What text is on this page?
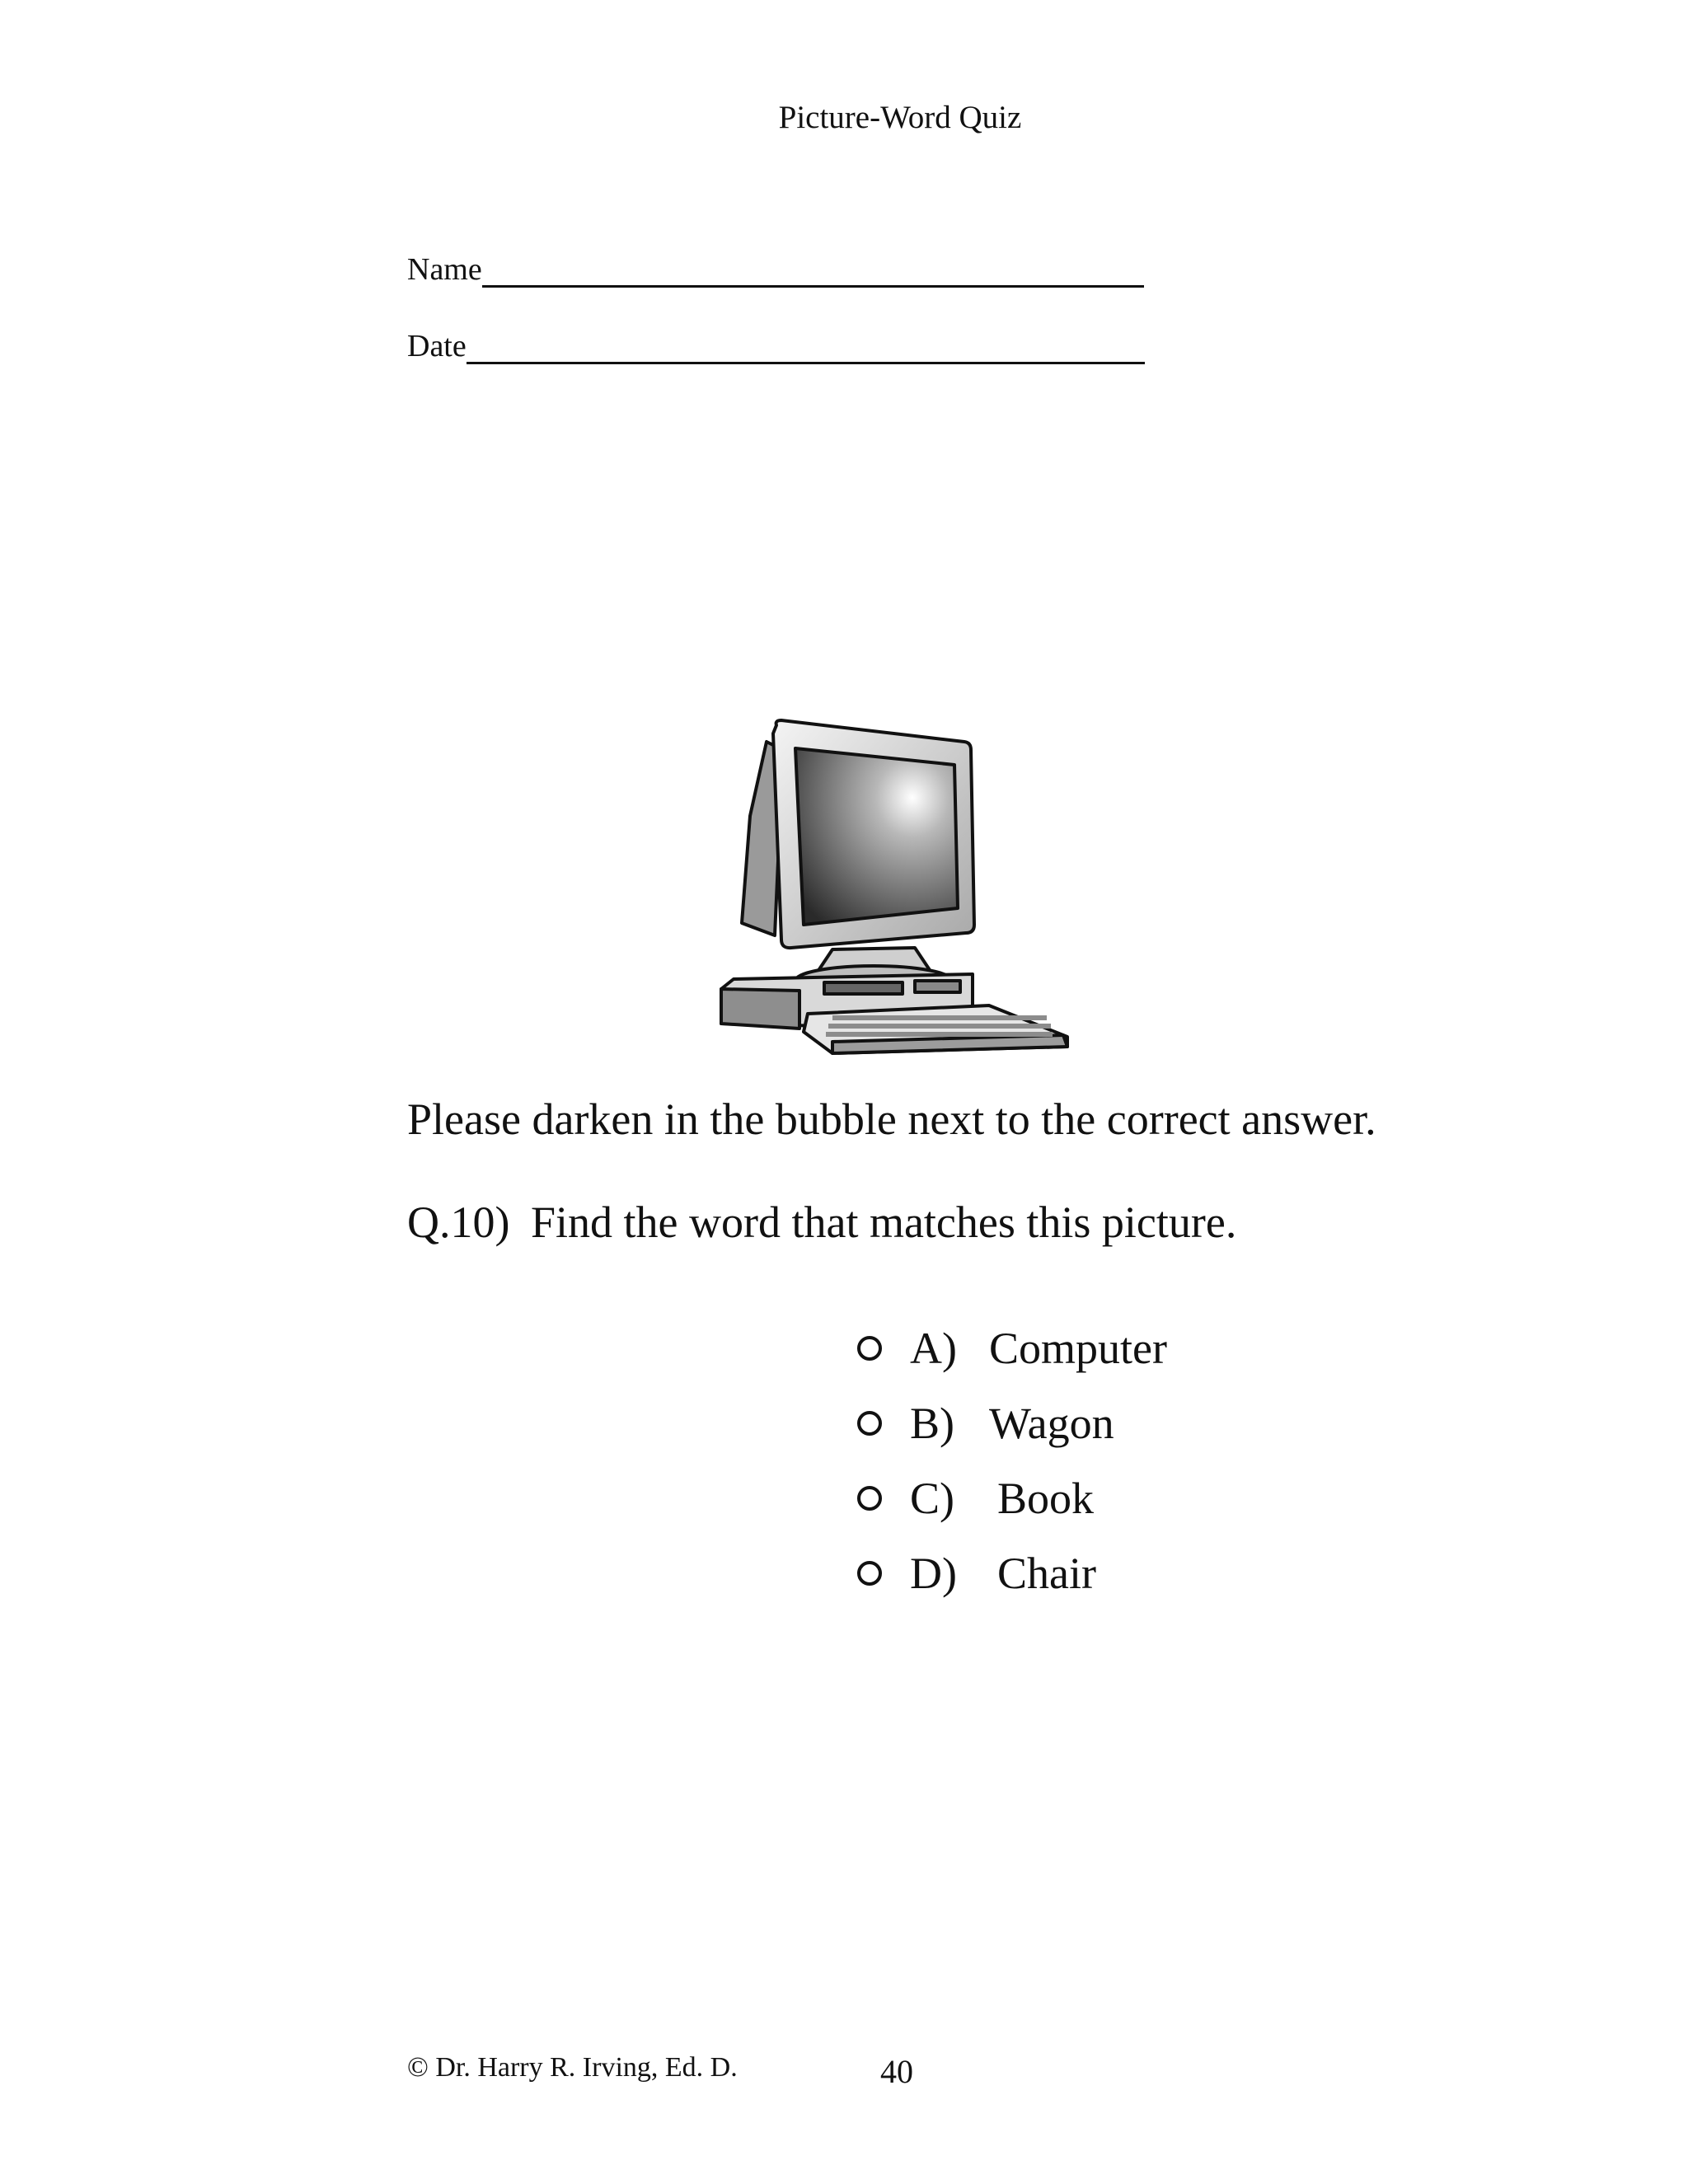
Picture-Word Quiz
Name
Date
Please darken in the bubble next to the correct answer.
Q.10) Find the word that matches this picture.
A) Computer
B) Wagon
C) Book
D) Chair
© Dr. Harry R. Irving, Ed. D.	40
